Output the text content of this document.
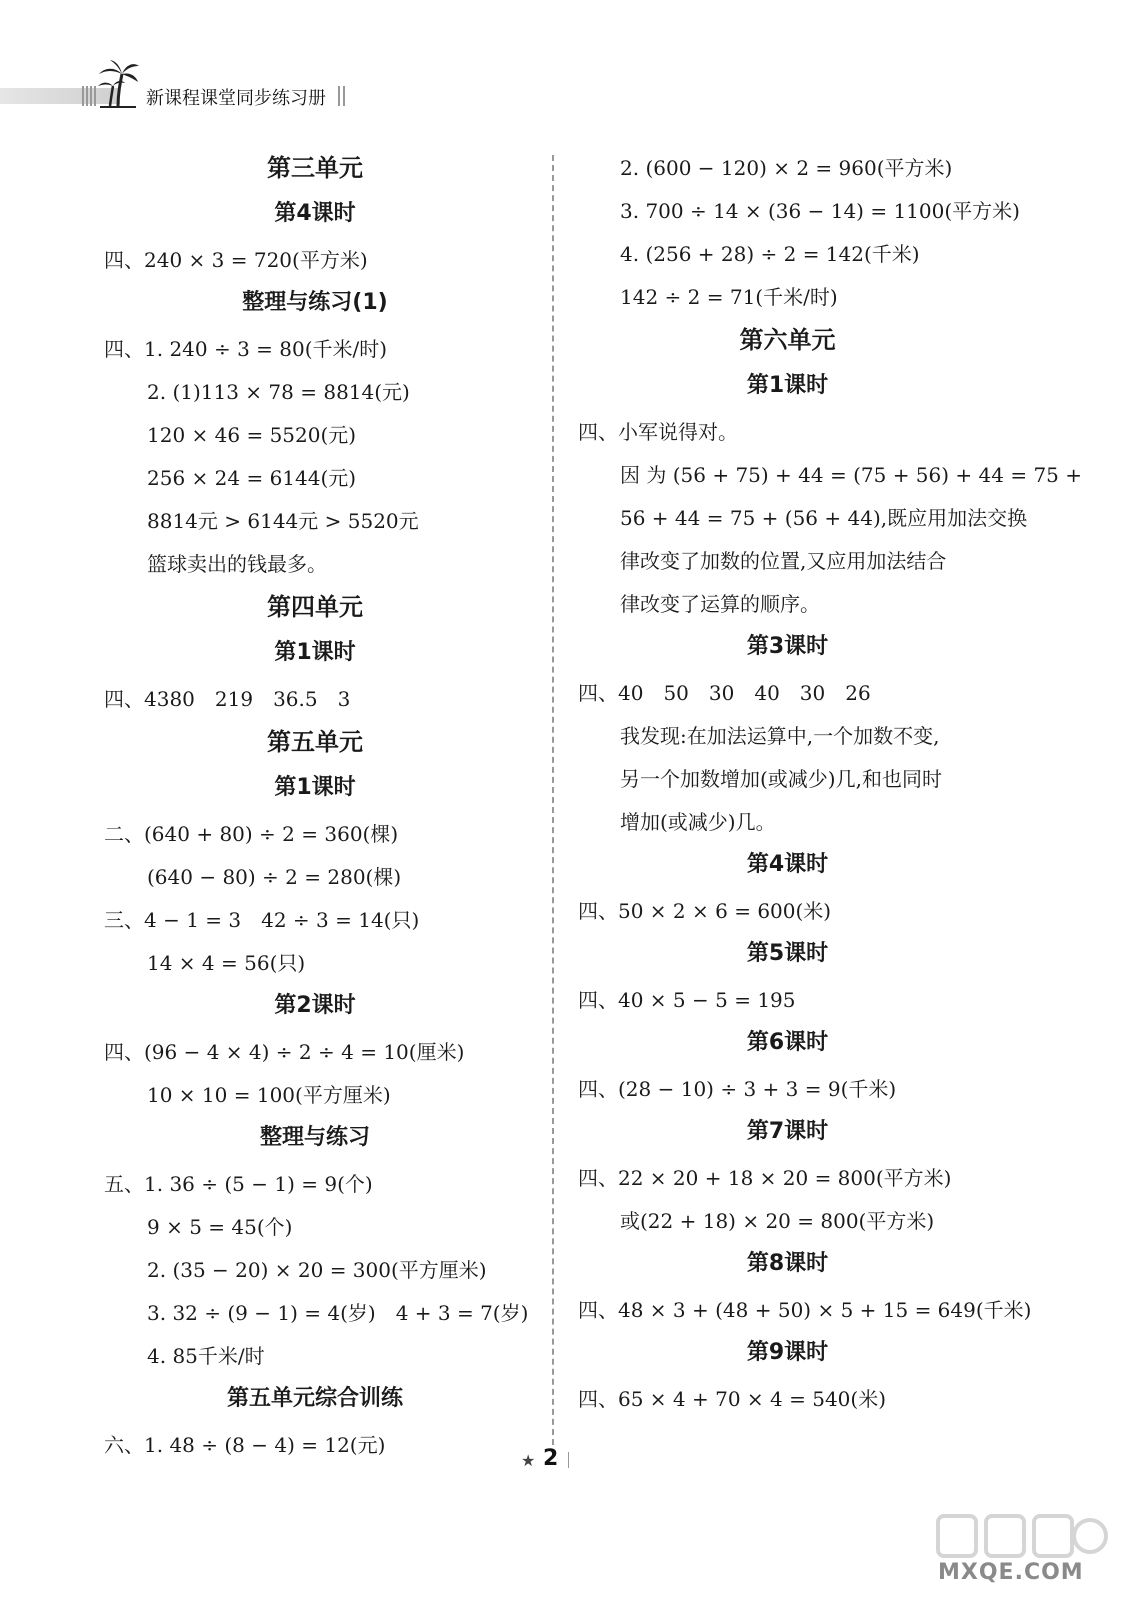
新课程课堂同步练习册
第三单元
第4课时
四、240 × 3 = 720(平方米)
整理与练习(1)
四、1. 240 ÷ 3 = 80(千米/时)
2. (1)113 × 78 = 8814(元)
120 × 46 = 5520(元)
256 × 24 = 6144(元)
8814元 > 6144元 > 5520元
篮球卖出的钱最多。
第四单元
第1课时
四、4380　219　36.5　3
第五单元
第1课时
二、(640 + 80) ÷ 2 = 360(棵)
(640 − 80) ÷ 2 = 280(棵)
三、4 − 1 = 3　42 ÷ 3 = 14(只)
14 × 4 = 56(只)
第2课时
四、(96 − 4 × 4) ÷ 2 ÷ 4 = 10(厘米)
10 × 10 = 100(平方厘米)
整理与练习
五、1. 36 ÷ (5 − 1) = 9(个)
9 × 5 = 45(个)
2. (35 − 20) × 20 = 300(平方厘米)
3. 32 ÷ (9 − 1) = 4(岁)　4 + 3 = 7(岁)
4. 85千米/时
第五单元综合训练
六、1. 48 ÷ (8 − 4) = 12(元)
2. (600 − 120) × 2 = 960(平方米)
3. 700 ÷ 14 × (36 − 14) = 1100(平方米)
4. (256 + 28) ÷ 2 = 142(千米)
142 ÷ 2 = 71(千米/时)
第六单元
第1课时
四、小军说得对。
因 为 (56 + 75) + 44 = (75 + 56) + 44 = 75 +
56 + 44 = 75 + (56 + 44),既应用加法交换
律改变了加数的位置,又应用加法结合
律改变了运算的顺序。
第3课时
四、40　50　30　40　30　26
我发现:在加法运算中,一个加数不变,
另一个加数增加(或减少)几,和也同时
增加(或减少)几。
第4课时
四、50 × 2 × 6 = 600(米)
第5课时
四、40 × 5 − 5 = 195
第6课时
四、(28 − 10) ÷ 3 + 3 = 9(千米)
第7课时
四、22 × 20 + 18 × 20 = 800(平方米)
或(22 + 18) × 20 = 800(平方米)
第8课时
四、48 × 3 + (48 + 50) × 5 + 15 = 649(千米)
第9课时
四、65 × 4 + 70 × 4 = 540(米)
★ 2
MXQE.COM
